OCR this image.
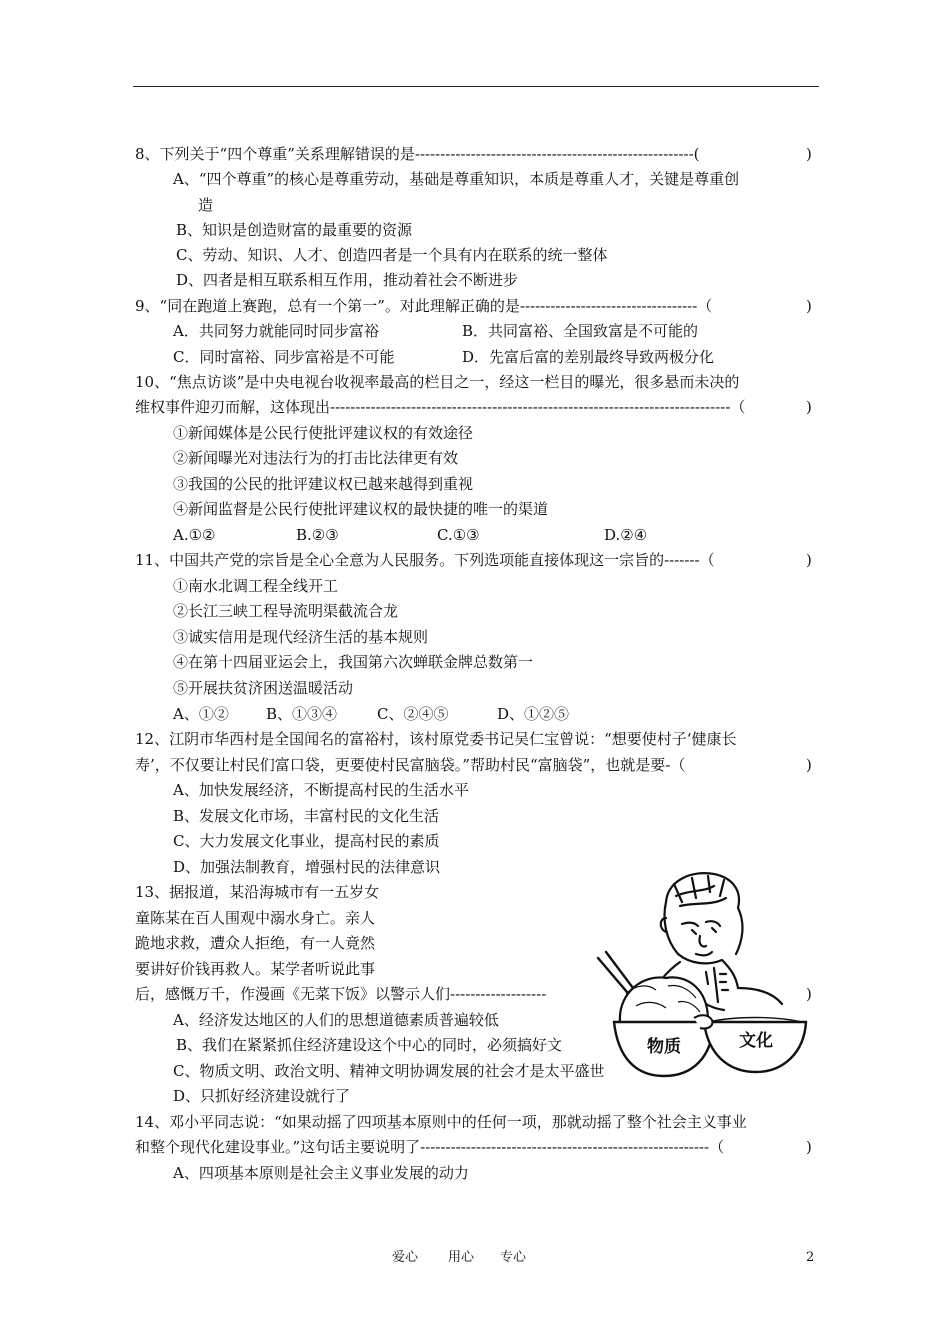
8、下列关于“四个尊重”关系理解错误的是-------------------------------------------------------(
A、“四个尊重”的核心是尊重劳动，基础是尊重知识，本质是尊重人才，关键是尊重创
造
B、知识是创造财富的最重要的资源
C、劳动、知识、人才、创造四者是一个具有内在联系的统一整体
D、四者是相互联系相互作用，推动着社会不断进步
9、“同在跑道上赛跑，总有一个第一”。对此理解正确的是-----------------------------------（
A．共同努力就能同时同步富裕	B．共同富裕、全国致富是不可能的
C．同时富裕、同步富裕是不可能	D．先富后富的差别最终导致两极分化
10、“焦点访谈”是中央电视台收视率最高的栏目之一，经这一栏目的曝光，很多悬而未决的
维权事件迎刃而解，这体现出-------------------------------------------------------------------------------（
①新闻媒体是公民行使批评建议权的有效途径
②新闻曝光对违法行为的打击比法律更有效
③我国的公民的批评建议权已越来越得到重视
④新闻监督是公民行使批评建议权的最快捷的唯一的渠道
A.①②	B.②③	C.①③	D.②④
11、中国共产党的宗旨是全心全意为人民服务。下列选项能直接体现这一宗旨的-------（
①南水北调工程全线开工
②长江三峡工程导流明渠截流合龙
③诚实信用是现代经济生活的基本规则
④在第十四届亚运会上，我国第六次蝉联金牌总数第一
⑤开展扶贫济困送温暖活动
A、①② B、①③④	C、②④⑤	D、①②⑤
12、江阴市华西村是全国闻名的富裕村，该村原党委书记吴仁宝曾说：“想要使村子‘健康长
寿’，不仅要让村民们富口袋，更要使村民富脑袋。”帮助村民“富脑袋”，也就是要-（
A、加快发展经济，不断提高村民的生活水平
B、发展文化市场，丰富村民的文化生活
C、大力发展文化事业，提高村民的素质
D、加强法制教育，增强村民的法律意识
13、据报道，某沿海城市有一五岁女
童陈某在百人围观中溺水身亡。亲人
跪地求救，遭众人拒绝，有一人竟然
要讲好价钱再救人。某学者听说此事
后，感慨万千，作漫画《无菜下饭》以警示人们-------------------
A、经济发达地区的人们的思想道德素质普遍较低
B、我们在紧紧抓住经济建设这个中心的同时，必须搞好文
C、物质文明、政治文明、精神文明协调发展的社会才是太平盛世
D、只抓好经济建设就行了
14、邓小平同志说：“如果动摇了四项基本原则中的任何一项，那就动摇了整个社会主义事业
和整个现代化建设事业。”这句话主要说明了---------------------------------------------------------（
A、四项基本原则是社会主义事业发展的动力
)
)
)
)
)
)
)
物质	文化
爱心 用心 专心	2
